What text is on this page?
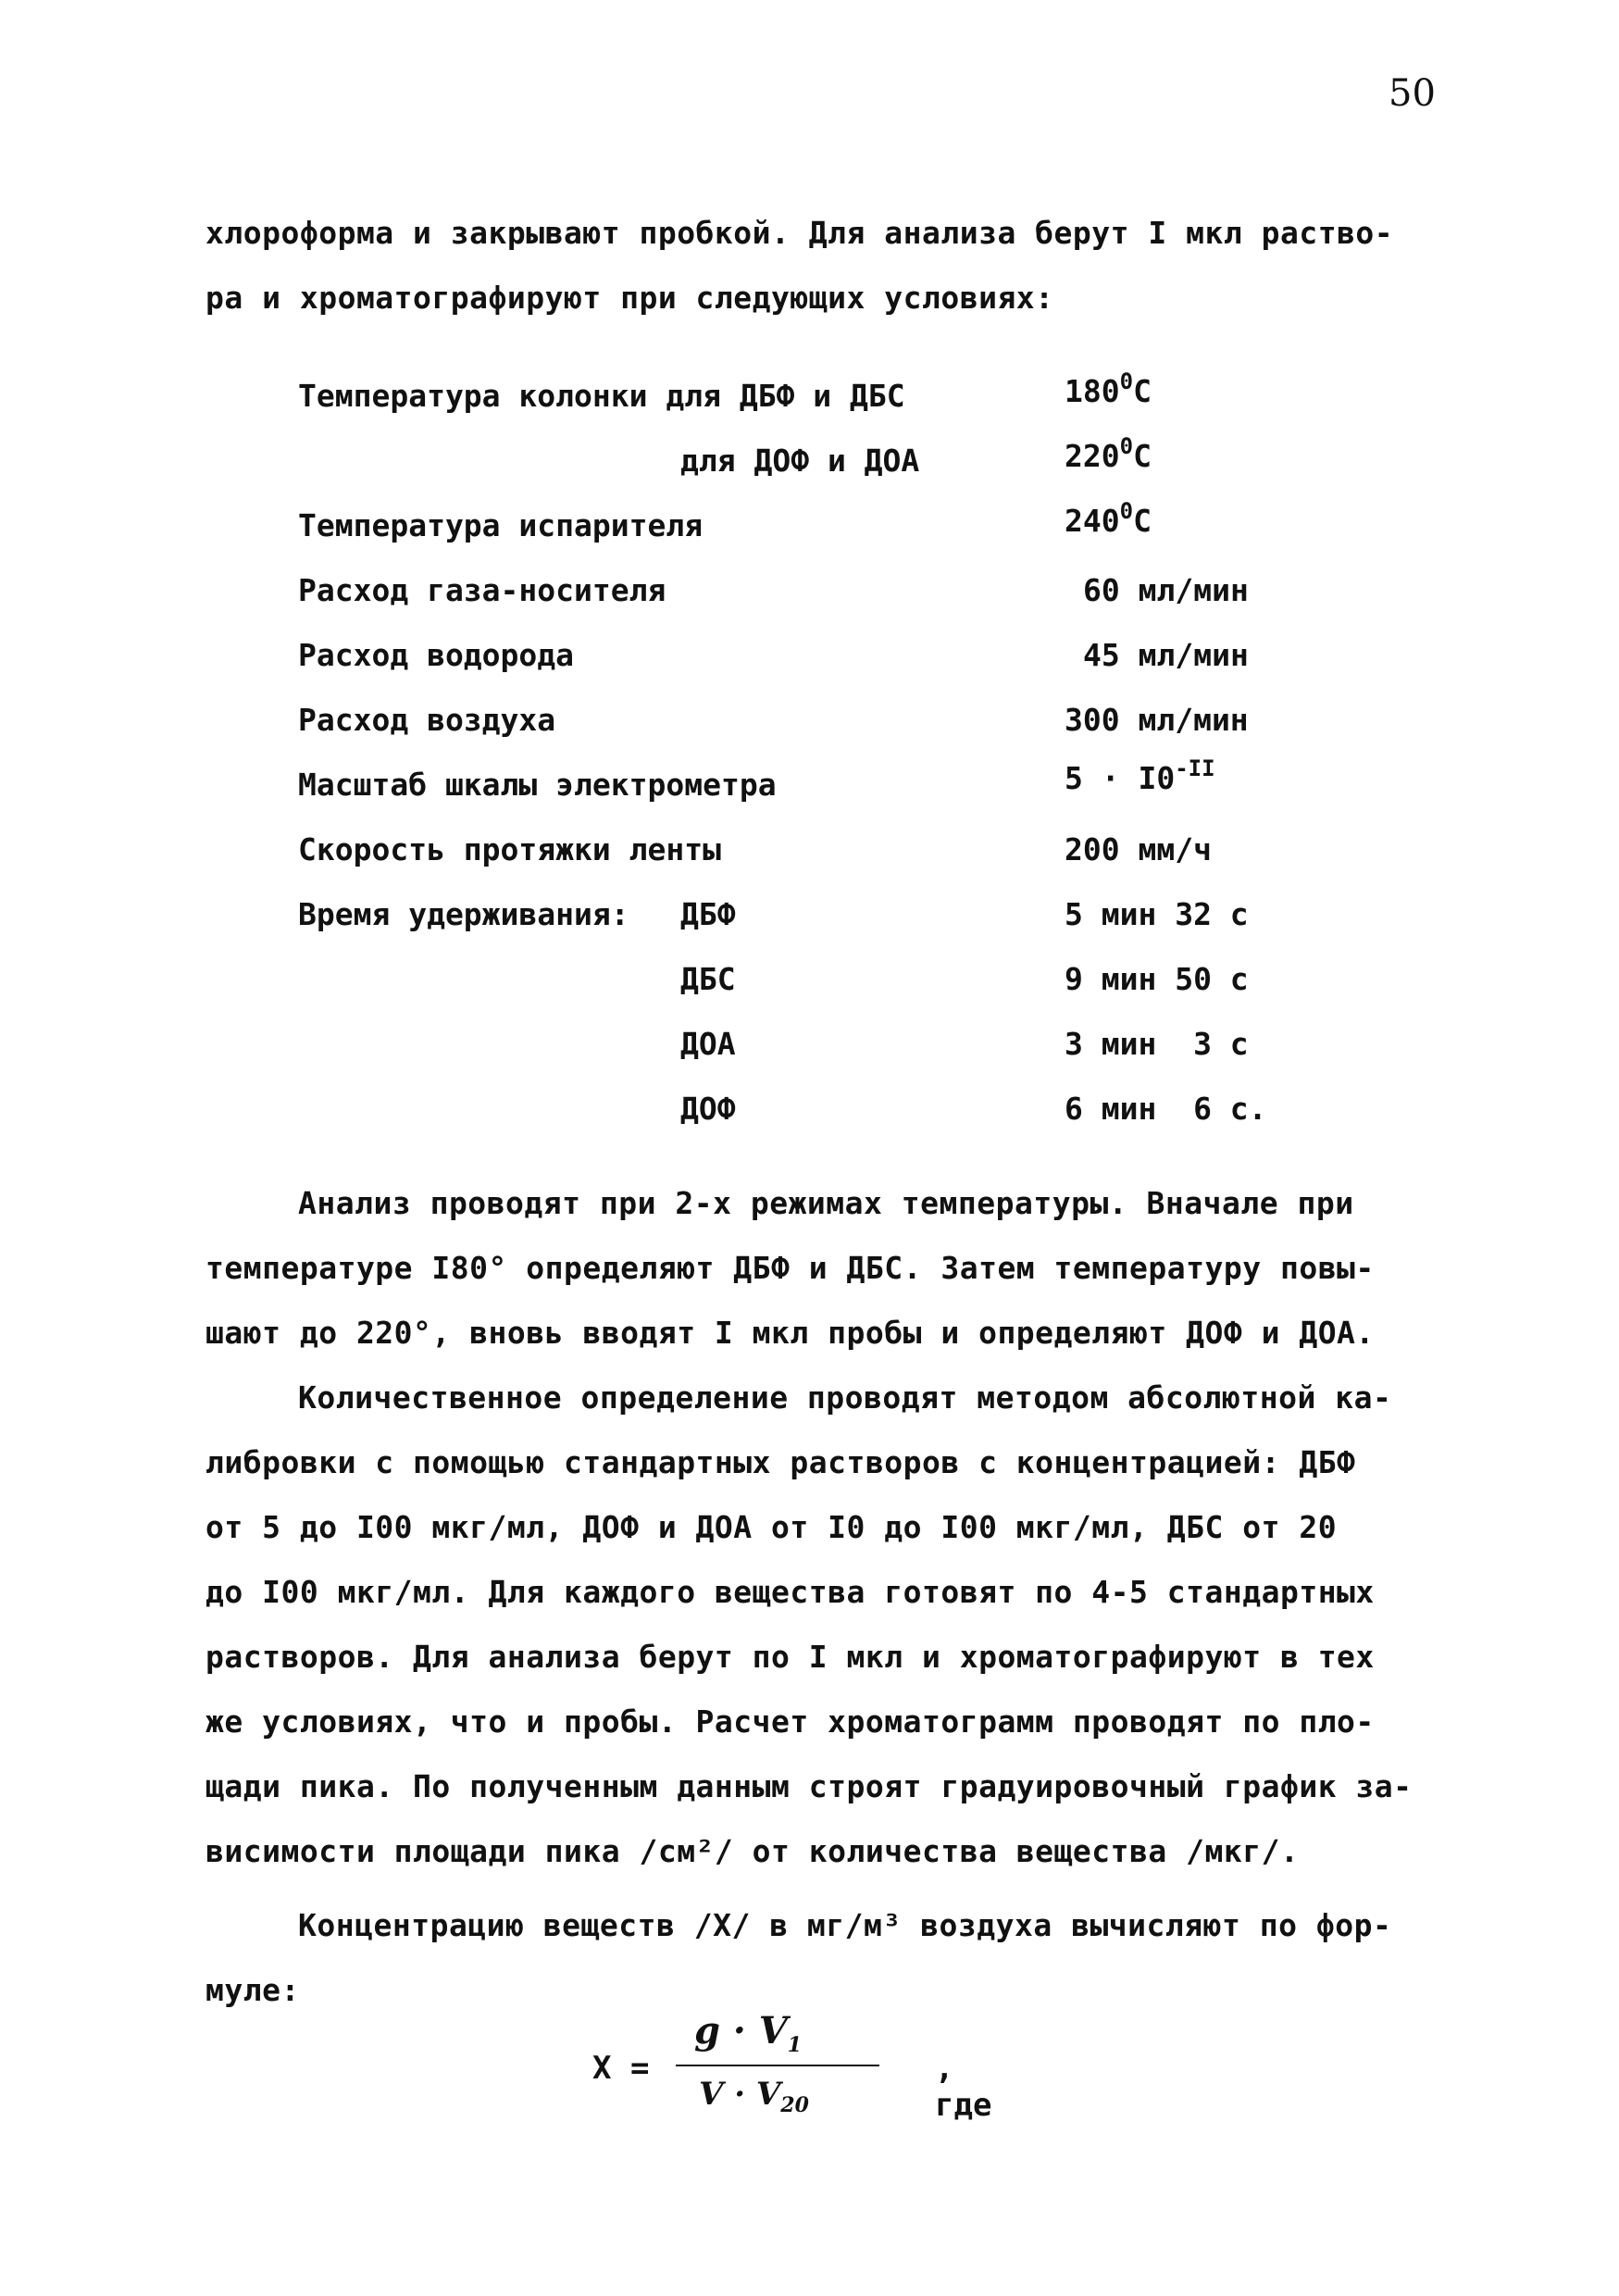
50
хлороформа и закрывают пробкой. Для анализа берут I мкл раство-
ра и хроматографируют при следующих условиях:
Температура колонки для ДБФ и ДБС	$180^0С$
для ДОФ и ДОА	$220^0С$
Температура испарителя	$240^0С$
Расход газа-носителя	60 мл/мин
Расход водорода	45 мл/мин
Расход воздуха	300 мл/мин
Масштаб шкалы электрометра	$5 \cdot I0^{-II}$
Скорость протяжки ленты	200 мм/ч
Время удерживания: ДБФ	5 мин 32 с
ДБС	9 мин 50 с
ДОА	3 мин  3 с
ДОФ	6 мин  6 с.
Анализ проводят при 2-х режимах температуры. Вначале при
температуре I80° определяют ДБФ и ДБС. Затем температуру повы-
шают до 220°, вновь вводят I мкл пробы и определяют ДОФ и ДОА.
Количественное определение проводят методом абсолютной ка-
либровки с помощью стандартных растворов с концентрацией: ДБФ
от 5 до I00 мкг/мл, ДОФ и ДОА от I0 до I00 мкг/мл, ДБС от 20
до I00 мкг/мл. Для каждого вещества готовят по 4-5 стандартных
растворов. Для анализа берут по I мкл и хроматографируют в тех
же условиях, что и пробы. Расчет хроматограмм проводят по пло-
щади пика. По полученным данным строят градуировочный график за-
висимости площади пика /см²/ от количества вещества /мкг/.
Концентрацию веществ /Х/ в мг/м³ воздуха вычисляют по фор-
муле:
X =
$g \cdot V_1$
$V \cdot V_{20}$
, где
